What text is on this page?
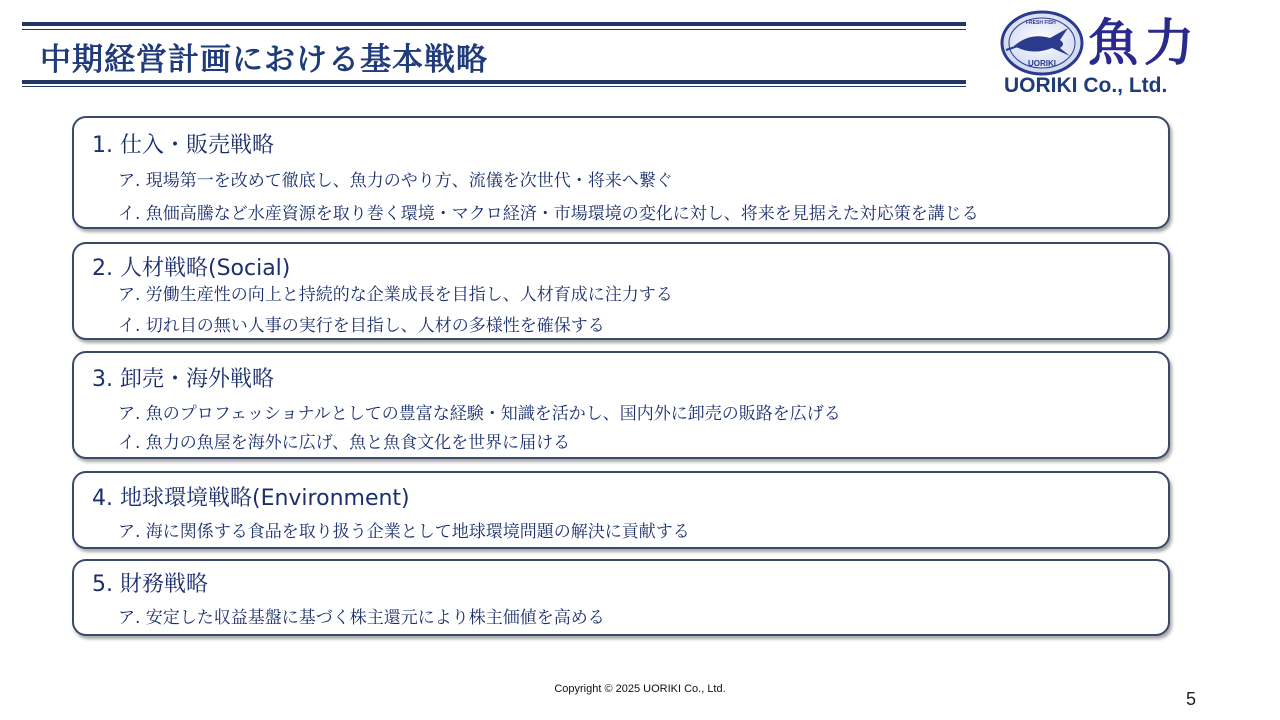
中期経営計画における基本戦略	UORIKI
FRESH FISH 魚力
UORIKI Co., Ltd.
1. 仕入・販売戦略
ア. 現場第一を改めて徹底し、魚力のやり方、流儀を次世代・将来へ繋ぐ
イ. 魚価高騰など水産資源を取り巻く環境・マクロ経済・市場環境の変化に対し、将来を見据えた対応策を講じる
2. 人材戦略(Social)
ア. 労働生産性の向上と持続的な企業成長を目指し、人材育成に注力する
イ. 切れ目の無い人事の実行を目指し、人材の多様性を確保する
3. 卸売・海外戦略
ア. 魚のプロフェッショナルとしての豊富な経験・知識を活かし、国内外に卸売の販路を広げる
イ. 魚力の魚屋を海外に広げ、魚と魚食文化を世界に届ける
4. 地球環境戦略(Environment)
ア. 海に関係する食品を取り扱う企業として地球環境問題の解決に貢献する
5. 財務戦略
ア. 安定した収益基盤に基づく株主還元により株主価値を高める
Copyright © 2025 UORIKI Co., Ltd.	5
